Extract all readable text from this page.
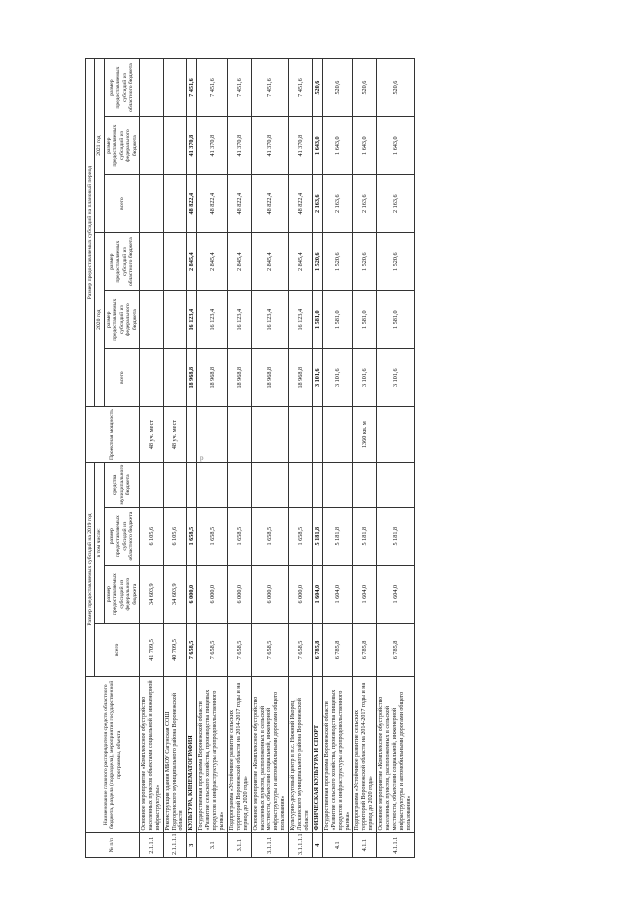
р
№ п/п	Наименование главного распорядителя средств областного бюджета, раздела (подраздела), мероприятия государственной программы, объекта	Размер предоставляемых субсидий на 2019 год				Проектная мощность	Размер предоставляемых субсидий на плановый период					
		всего	в том числе:				2020 год			2021 год		
			размер предоставляемых субсидий из федерального бюджета	размер предоставляемых субсидий из областного бюджета	средства муниципального бюджета		всего	размер предоставляемых субсидий из федерального бюджета	размер предоставляемых субсидий из областного бюджета	всего	размер предоставляемых субсидий из федерального бюджета	размер предоставляемых субсидий из областного бюджета
2.1.1.1	Основное мероприятие «Комплексное обустройство населенных пунктов объектами социальной и инженерной инфраструктуры»	41 709,5	34 603,9	6 105,6		48 уч. мест						
2.1.1.1.1	Реконструкция здания МБОУ Сагунская СОШ Подгоренского муниципального района Воронежской области	40 709,5	34 603,9	6 105,6		48 уч. мест						
3	КУЛЬТУРА, КИНЕМАТОГРАФИЯ	7 658,5	6 000,0	1 658,5			18 968,8	16 123,4	2 845,4	48 822,4	41 370,8	7 451,6
3.1	Государственная программа Воронежской области «Развитие сельского хозяйства, производства пищевых продуктов и инфраструктуры агропродовольственного рынка»	7 658,5	6 000,0	1 658,5			18 968,8	16 123,4	2 845,4	48 822,4	41 370,8	7 451,6
3.1.1	Подпрограмма «Устойчивое развитие сельских территорий Воронежской области на 2014-2017 годы и на период до 2020 года»	7 658,5	6 000,0	1 658,5			18 968,8	16 123,4	2 845,4	48 822,4	41 370,8	7 451,6
3.1.1.1	Основное мероприятие «Комплексное обустройство населенных пунктов, расположенных в сельской местности, объектами социальной, инженерной инфраструктуры и автомобильными дорогами общего пользования»	7 658,5	6 000,0	1 658,5			18 968,8	16 123,4	2 845,4	48 822,4	41 370,8	7 451,6
3.1.1.1.1	Культурно-досуговый центр в п.с. Нижний Икорец Лискинского муниципального района Воронежской области	7 658,5	6 000,0	1 658,5			18 968,8	16 123,4	2 845,4	48 822,4	41 370,8	7 451,6
4	ФИЗИЧЕСКАЯ КУЛЬТУРА И СПОРТ	6 785,8	1 604,0	5 181,8			3 101,6	1 581,0	1 520,6	2 163,6	1 643,0	520,6
4.1	Государственная программа Воронежской области «Развитие сельского хозяйства, производства пищевых продуктов и инфраструктуры агропродовольственного рынка»	6 785,8	1 604,0	5 181,8			3 101,6	1 581,0	1 520,6	2 163,6	1 643,0	520,6
4.1.1	Подпрограмма «Устойчивое развитие сельских территорий Воронежской области на 2014-2017 годы и на период до 2020 года»	6 785,8	1 604,0	5 181,8		1360 кв. м	3 101,6	1 581,0	1 520,6	2 163,6	1 643,0	520,6
4.1.1.1	Основное мероприятие «Комплексное обустройство населенных пунктов, расположенных в сельской местности, объектами социальной, инженерной инфраструктуры и автомобильными дорогами общего пользования»	6 785,8	1 604,0	5 181,8			3 101,6	1 581,0	1 520,6	2 163,6	1 643,0	520,6
